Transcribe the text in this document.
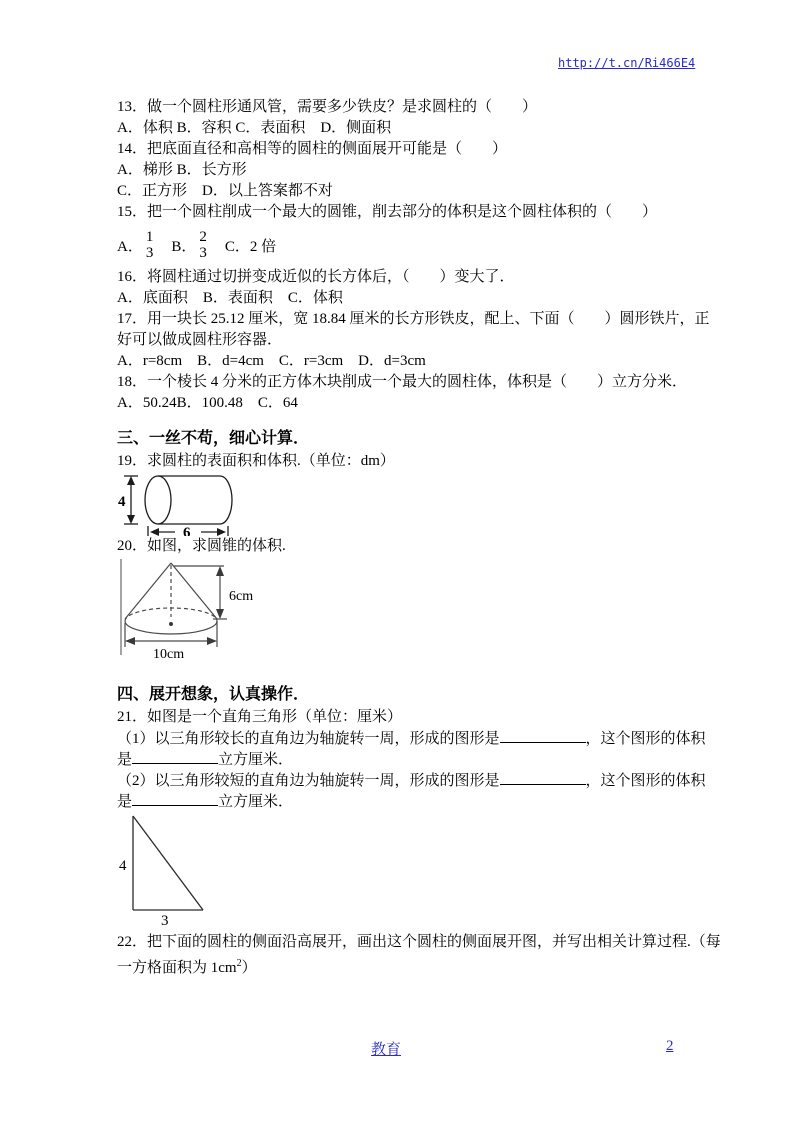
http://t.cn/Ri466E4

13．做一个圆柱形通风管，需要多少铁皮？是求圆柱的（　　）

A．体积 B．容积 C．表面积　D．侧面积

14．把底面直径和高相等的圆柱的侧面展开可能是（　　）

A．梯形 B．长方形

C．正方形　D．以上答案都不对

15．把一个圆柱削成一个最大的圆锥，削去部分的体积是这个圆柱体积的（　　）

A．
1
3 　B．
2
3 　C．2 倍

16．将圆柱通过切拼变成近似的长方体后，（　　）变大了．

A．底面积　B．表面积　C．体积

17．用一块长 25.12 厘米，宽 18.84 厘米的长方形铁皮，配上、下面（　　）圆形铁片，正

好可以做成圆柱形容器．

A．r=8cm　B．d=4cm　C．r=3cm　D．d=3cm

18．一个棱长 4 分米的正方体木块削成一个最大的圆柱体，体积是（　　）立方分米．

A．50.24B．100.48　C．64

三、一丝不苟，细心计算．

19．求圆柱的表面积和体积.（单位：dm）

4
6

20．如图，求圆锥的体积.

6cm
10cm

四、展开想象，认真操作．

21．如图是一个直角三角形（单位：厘米）

（1）以三角形较长的直角边为轴旋转一周，形成的图形是	，这个图形的体积

是	立方厘米．

（2）以三角形较短的直角边为轴旋转一周，形成的图形是	，这个图形的体积

是	立方厘米．

4
3

22．把下面的圆柱的侧面沿高展开，画出这个圆柱的侧面展开图，并写出相关计算过程.（每

一方格面积为 $1cm^2$）

教育	2
